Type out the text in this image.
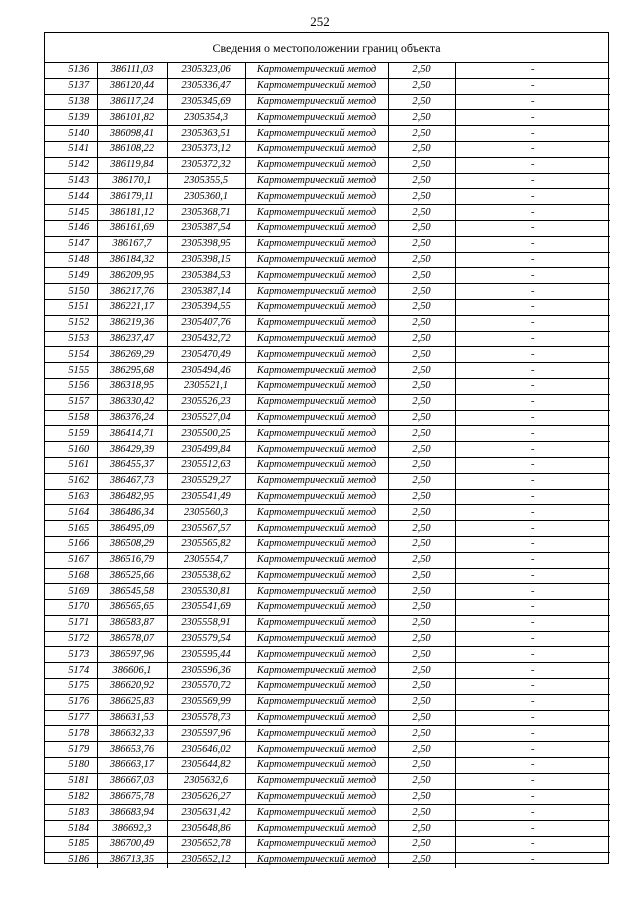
252
Сведения о местоположении границ объекта
5136	386111,03	2305323,06	Картометрический метод	2,50	-
5137	386120,44	2305336,47	Картометрический метод	2,50	-
5138	386117,24	2305345,69	Картометрический метод	2,50	-
5139	386101,82	2305354,3	Картометрический метод	2,50	-
5140	386098,41	2305363,51	Картометрический метод	2,50	-
5141	386108,22	2305373,12	Картометрический метод	2,50	-
5142	386119,84	2305372,32	Картометрический метод	2,50	-
5143	386170,1	2305355,5	Картометрический метод	2,50	-
5144	386179,11	2305360,1	Картометрический метод	2,50	-
5145	386181,12	2305368,71	Картометрический метод	2,50	-
5146	386161,69	2305387,54	Картометрический метод	2,50	-
5147	386167,7	2305398,95	Картометрический метод	2,50	-
5148	386184,32	2305398,15	Картометрический метод	2,50	-
5149	386209,95	2305384,53	Картометрический метод	2,50	-
5150	386217,76	2305387,14	Картометрический метод	2,50	-
5151	386221,17	2305394,55	Картометрический метод	2,50	-
5152	386219,36	2305407,76	Картометрический метод	2,50	-
5153	386237,47	2305432,72	Картометрический метод	2,50	-
5154	386269,29	2305470,49	Картометрический метод	2,50	-
5155	386295,68	2305494,46	Картометрический метод	2,50	-
5156	386318,95	2305521,1	Картометрический метод	2,50	-
5157	386330,42	2305526,23	Картометрический метод	2,50	-
5158	386376,24	2305527,04	Картометрический метод	2,50	-
5159	386414,71	2305500,25	Картометрический метод	2,50	-
5160	386429,39	2305499,84	Картометрический метод	2,50	-
5161	386455,37	2305512,63	Картометрический метод	2,50	-
5162	386467,73	2305529,27	Картометрический метод	2,50	-
5163	386482,95	2305541,49	Картометрический метод	2,50	-
5164	386486,34	2305560,3	Картометрический метод	2,50	-
5165	386495,09	2305567,57	Картометрический метод	2,50	-
5166	386508,29	2305565,82	Картометрический метод	2,50	-
5167	386516,79	2305554,7	Картометрический метод	2,50	-
5168	386525,66	2305538,62	Картометрический метод	2,50	-
5169	386545,58	2305530,81	Картометрический метод	2,50	-
5170	386565,65	2305541,69	Картометрический метод	2,50	-
5171	386583,87	2305558,91	Картометрический метод	2,50	-
5172	386578,07	2305579,54	Картометрический метод	2,50	-
5173	386597,96	2305595,44	Картометрический метод	2,50	-
5174	386606,1	2305596,36	Картометрический метод	2,50	-
5175	386620,92	2305570,72	Картометрический метод	2,50	-
5176	386625,83	2305569,99	Картометрический метод	2,50	-
5177	386631,53	2305578,73	Картометрический метод	2,50	-
5178	386632,33	2305597,96	Картометрический метод	2,50	-
5179	386653,76	2305646,02	Картометрический метод	2,50	-
5180	386663,17	2305644,82	Картометрический метод	2,50	-
5181	386667,03	2305632,6	Картометрический метод	2,50	-
5182	386675,78	2305626,27	Картометрический метод	2,50	-
5183	386683,94	2305631,42	Картометрический метод	2,50	-
5184	386692,3	2305648,86	Картометрический метод	2,50	-
5185	386700,49	2305652,78	Картометрический метод	2,50	-
5186	386713,35	2305652,12	Картометрический метод	2,50	-
